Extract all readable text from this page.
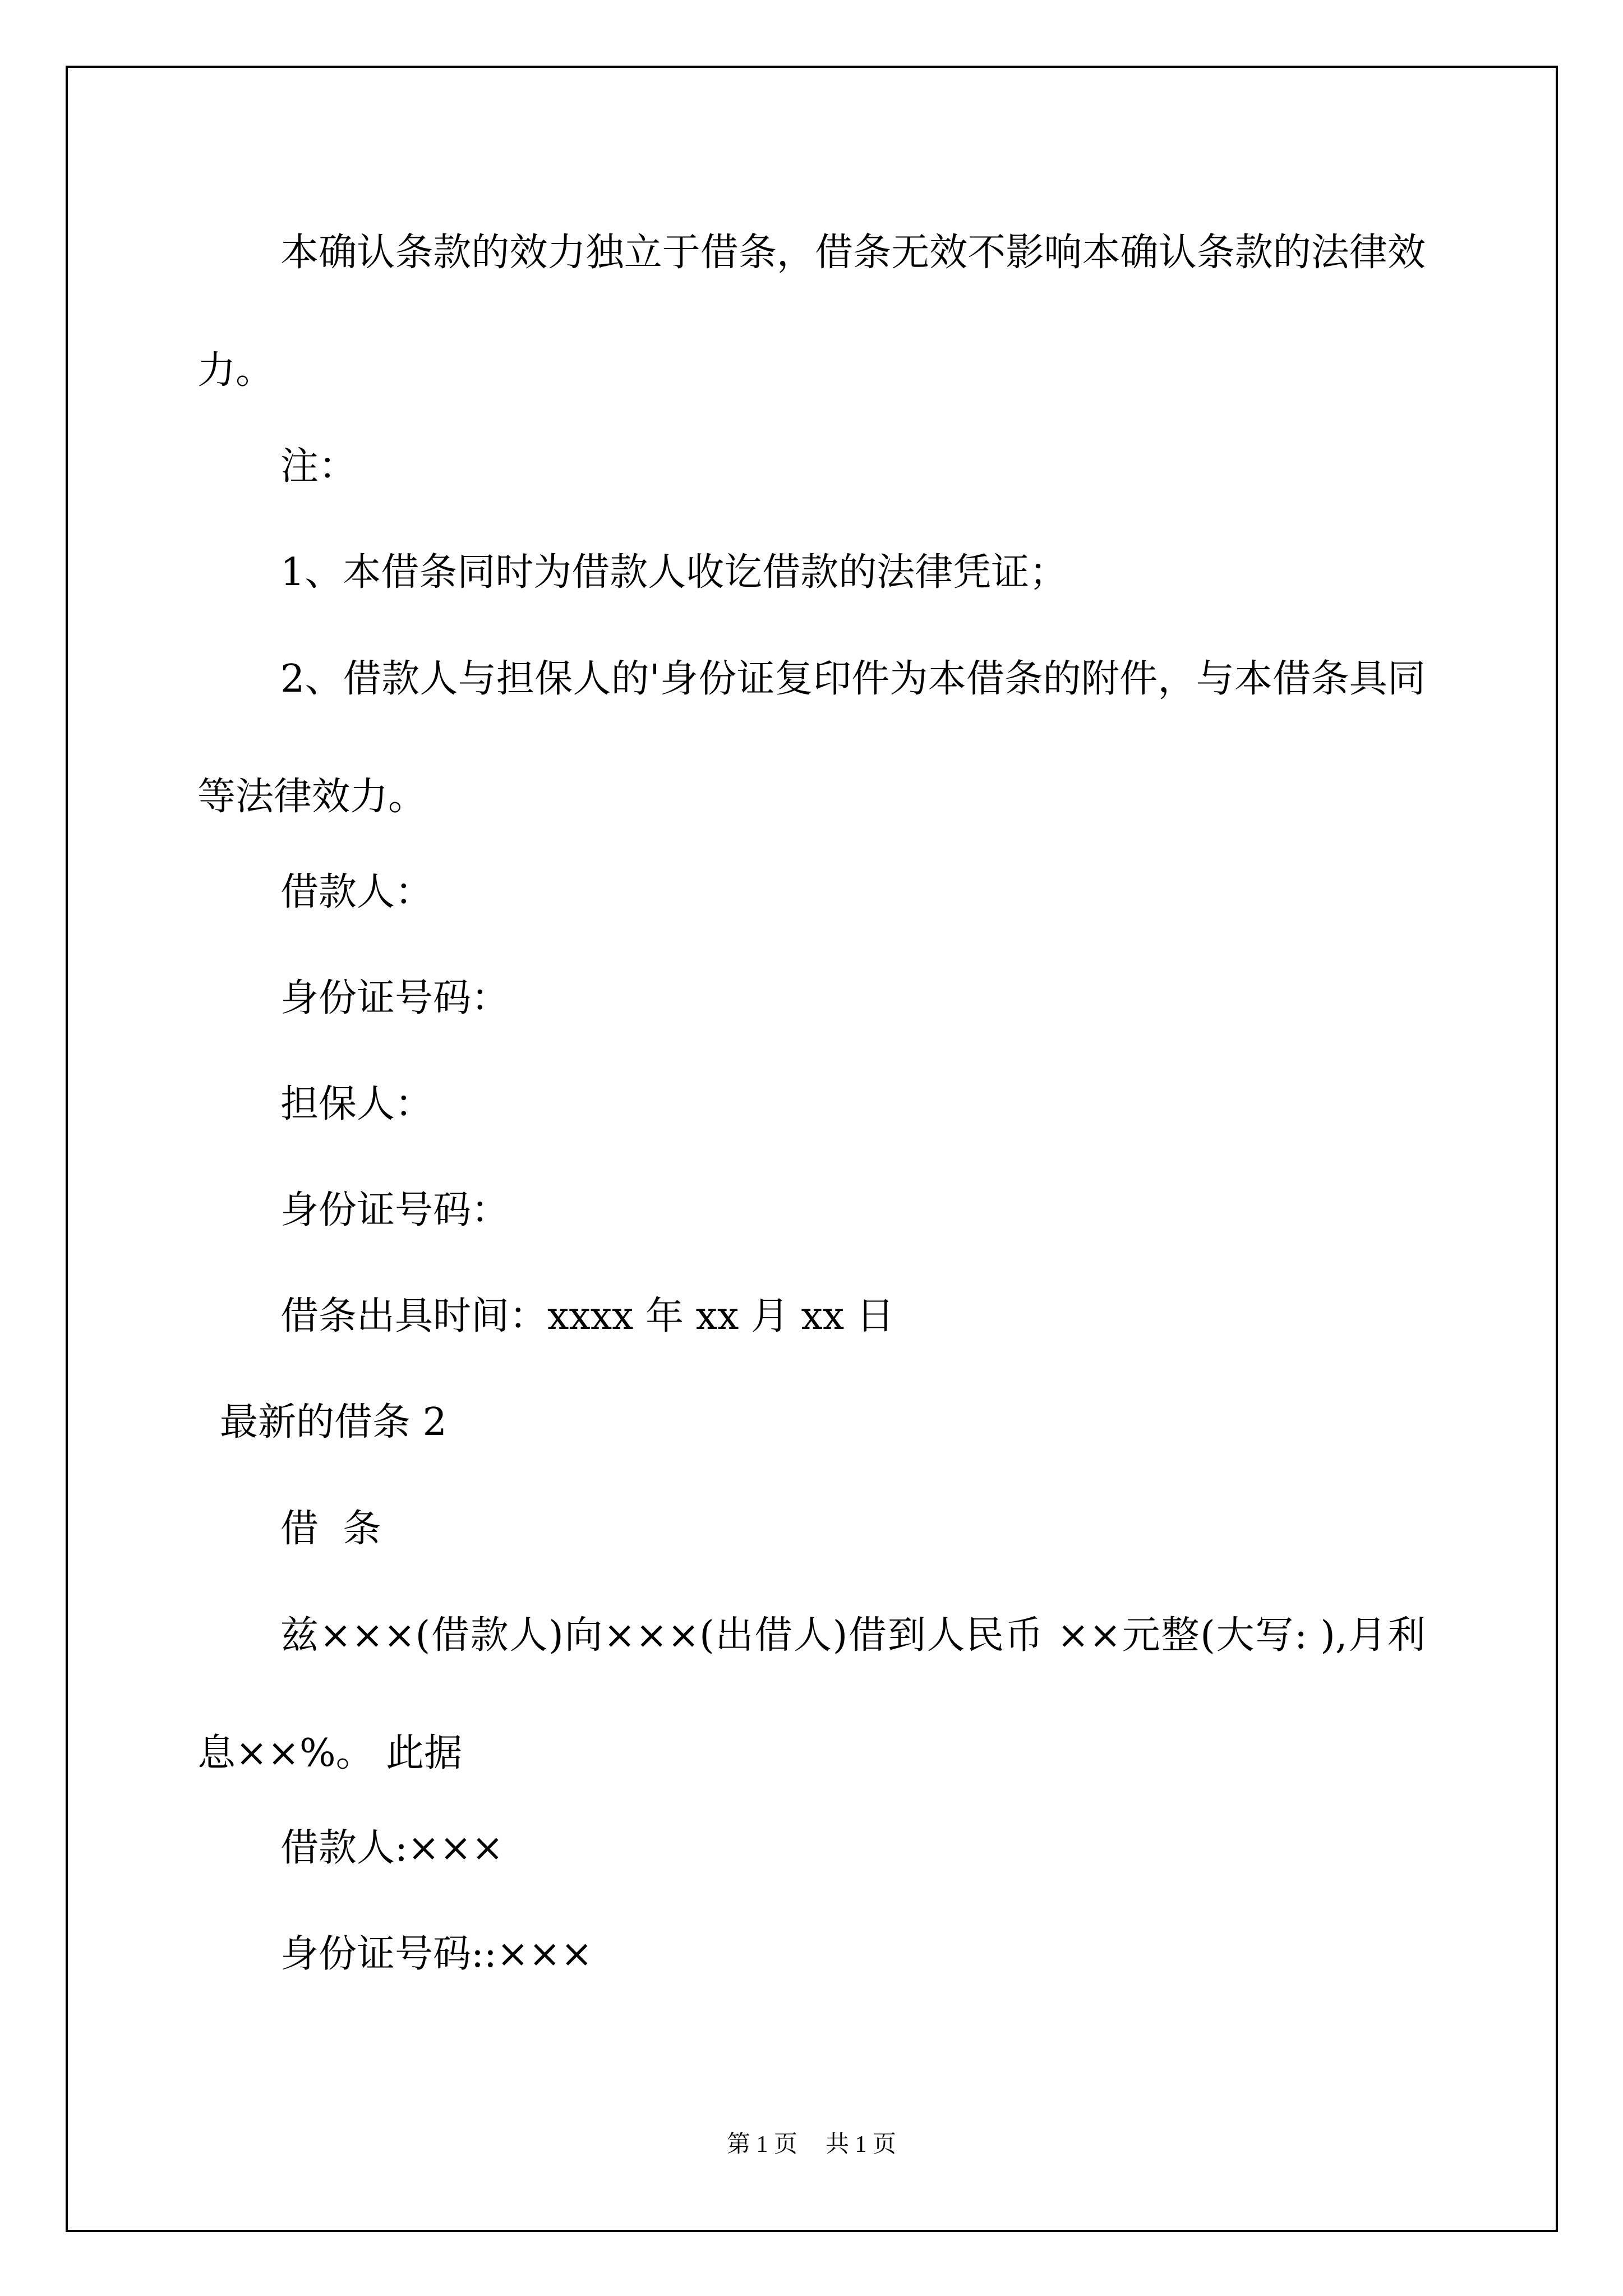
本确认条款的效力独立于借条，借条无效不影响本确认条款的法律效力。

注：
1、本借条同时为借款人收讫借款的法律凭证；

2、借款人与担保人的'身份证复印件为本借条的附件，与本借条具同等法律效力。

借款人：
身份证号码：
担保人：
身份证号码：
借条出具时间：xxxx 年 xx 月 xx 日
最新的借条 2
借  条

兹×××(借款人)向×××(出借人)借到人民币 ××元整(大写: ),月利息××%。 此据

借款人:×××
身份证号码::×××
第 1 页 共 1 页
